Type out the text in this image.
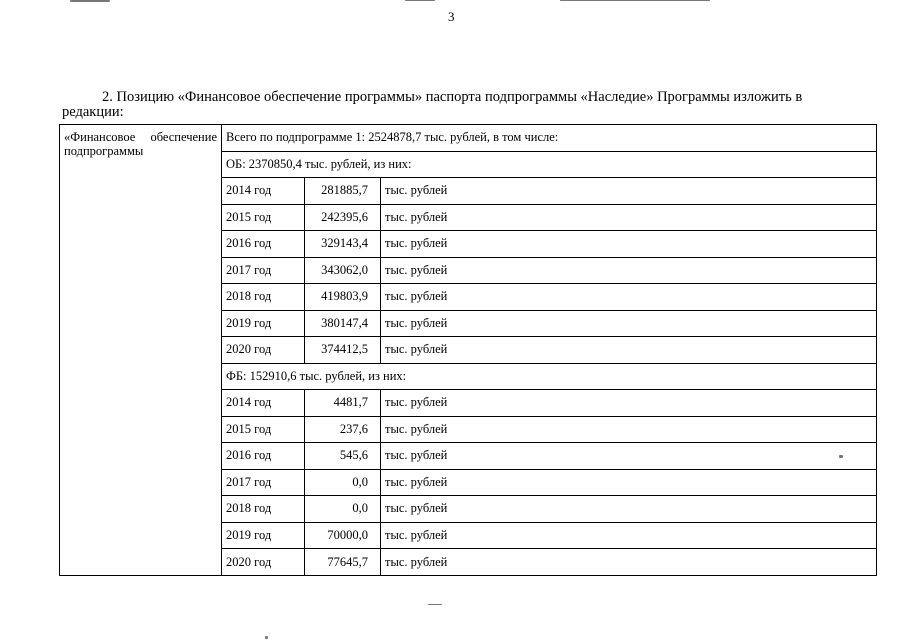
3
2. Позицию «Финансовое обеспечение программы» паспорта подпрограммы «Наследие» Программы изложить в редакции:
«Финансовое обеспечение
подпрограммы	Всего по подпрограмме 1: 2524878,7 тыс. рублей, в том числе:		
	ОБ: 2370850,4 тыс. рублей, из них:		
	2014 год	281885,7	тыс. рублей
	2015 год	242395,6	тыс. рублей
	2016 год	329143,4	тыс. рублей
	2017 год	343062,0	тыс. рублей
	2018 год	419803,9	тыс. рублей
	2019 год	380147,4	тыс. рублей
	2020 год	374412,5	тыс. рублей
	ФБ: 152910,6 тыс. рублей, из них:		
	2014 год	4481,7	тыс. рублей
	2015 год	237,6	тыс. рублей
	2016 год	545,6	тыс. рублей
	2017 год	0,0	тыс. рублей
	2018 год	0,0	тыс. рублей
	2019 год	70000,0	тыс. рублей
	2020 год	77645,7	тыс. рублей
